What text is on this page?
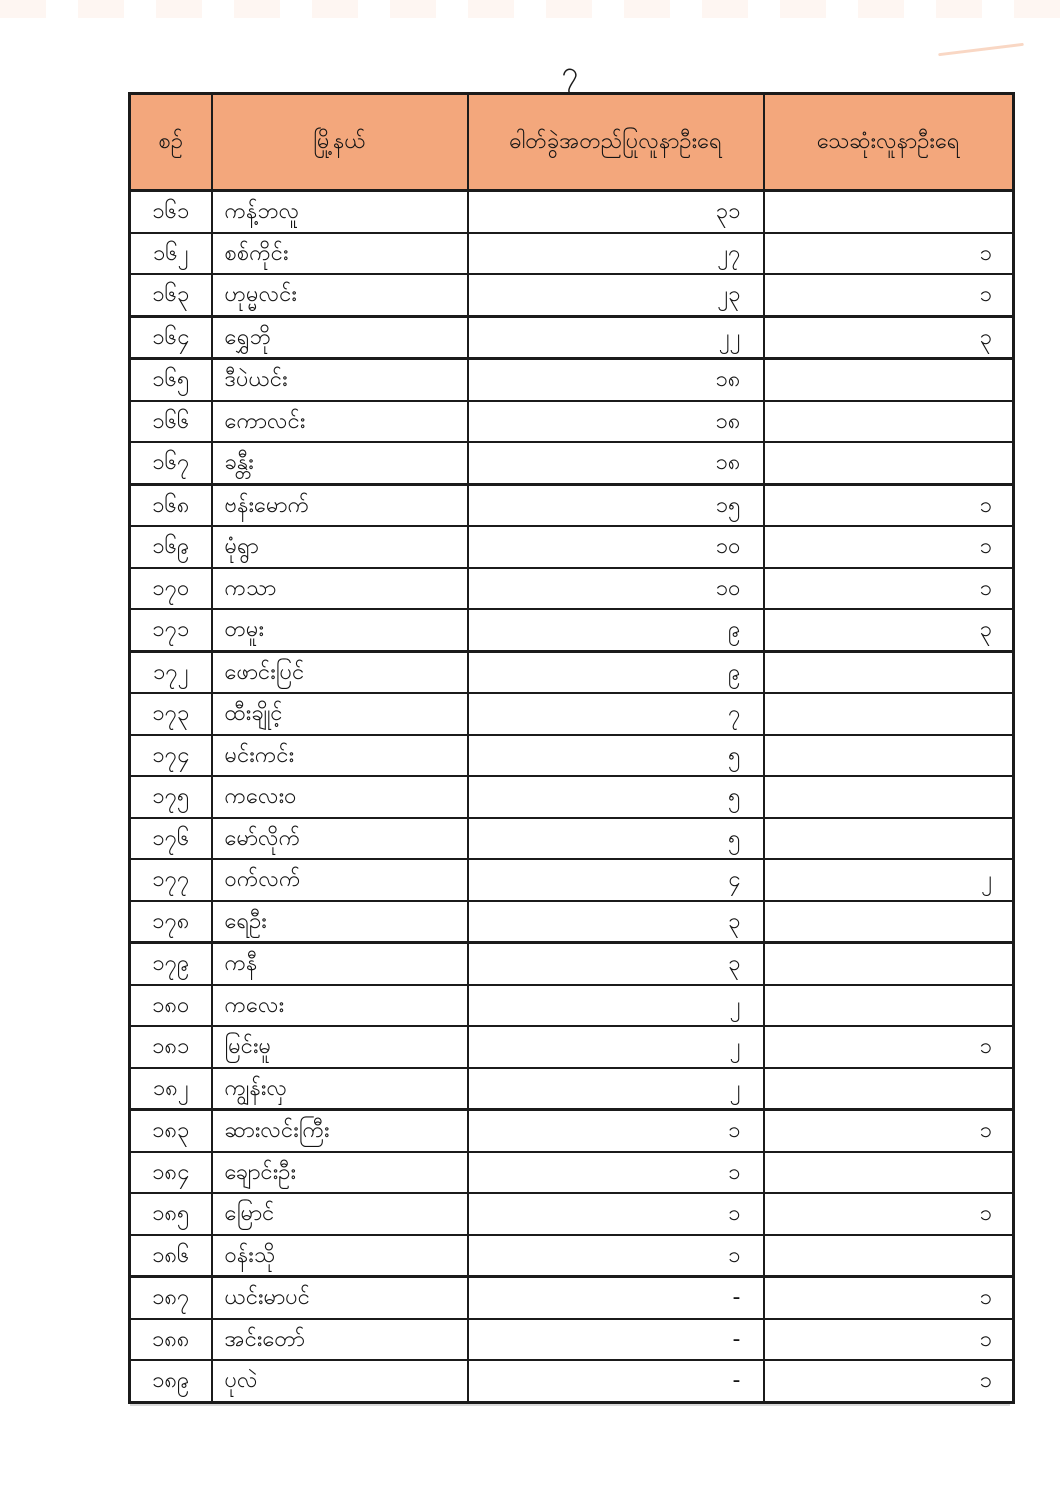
၇
စဉ်	မြို့နယ်	ဓါတ်ခွဲအတည်ပြုလူနာဦးရေ	သေဆုံးလူနာဦးရေ
၁၆၁	ကန့်ဘလူ	၃၁	
၁၆၂	စစ်ကိုင်း	၂၇	၁
၁၆၃	ဟုမ္မလင်း	၂၃	၁
၁၆၄	ရွှေဘို	၂၂	၃
၁၆၅	ဒီပဲယင်း	၁၈	
၁၆၆	ကောလင်း	၁၈	
၁၆၇	ခန္တီး	၁၈	
၁၆၈	ဗန်းမောက်	၁၅	၁
၁၆၉	မုံရွာ	၁၀	၁
၁၇၀	ကသာ	၁၀	၁
၁၇၁	တမူး	၉	၃
၁၇၂	ဖောင်းပြင်	၉	
၁၇၃	ထီးချိုင့်	၇	
၁၇၄	မင်းကင်း	၅	
၁၇၅	ကလေးဝ	၅	
၁၇၆	မော်လိုက်	၅	
၁၇၇	ဝက်လက်	၄	၂
၁၇၈	ရေဦး	၃	
၁၇၉	ကနီ	၃	
၁၈၀	ကလေး	၂	
၁၈၁	မြင်းမူ	၂	၁
၁၈၂	ကျွန်းလှ	၂	
၁၈၃	ဆားလင်းကြီး	၁	၁
၁၈၄	ချောင်းဦး	၁	
၁၈၅	မြောင်	၁	၁
၁၈၆	ဝန်းသို	၁	
၁၈၇	ယင်းမာပင်	-	၁
၁၈၈	အင်းတော်	-	၁
၁၈၉	ပုလဲ	-	၁
